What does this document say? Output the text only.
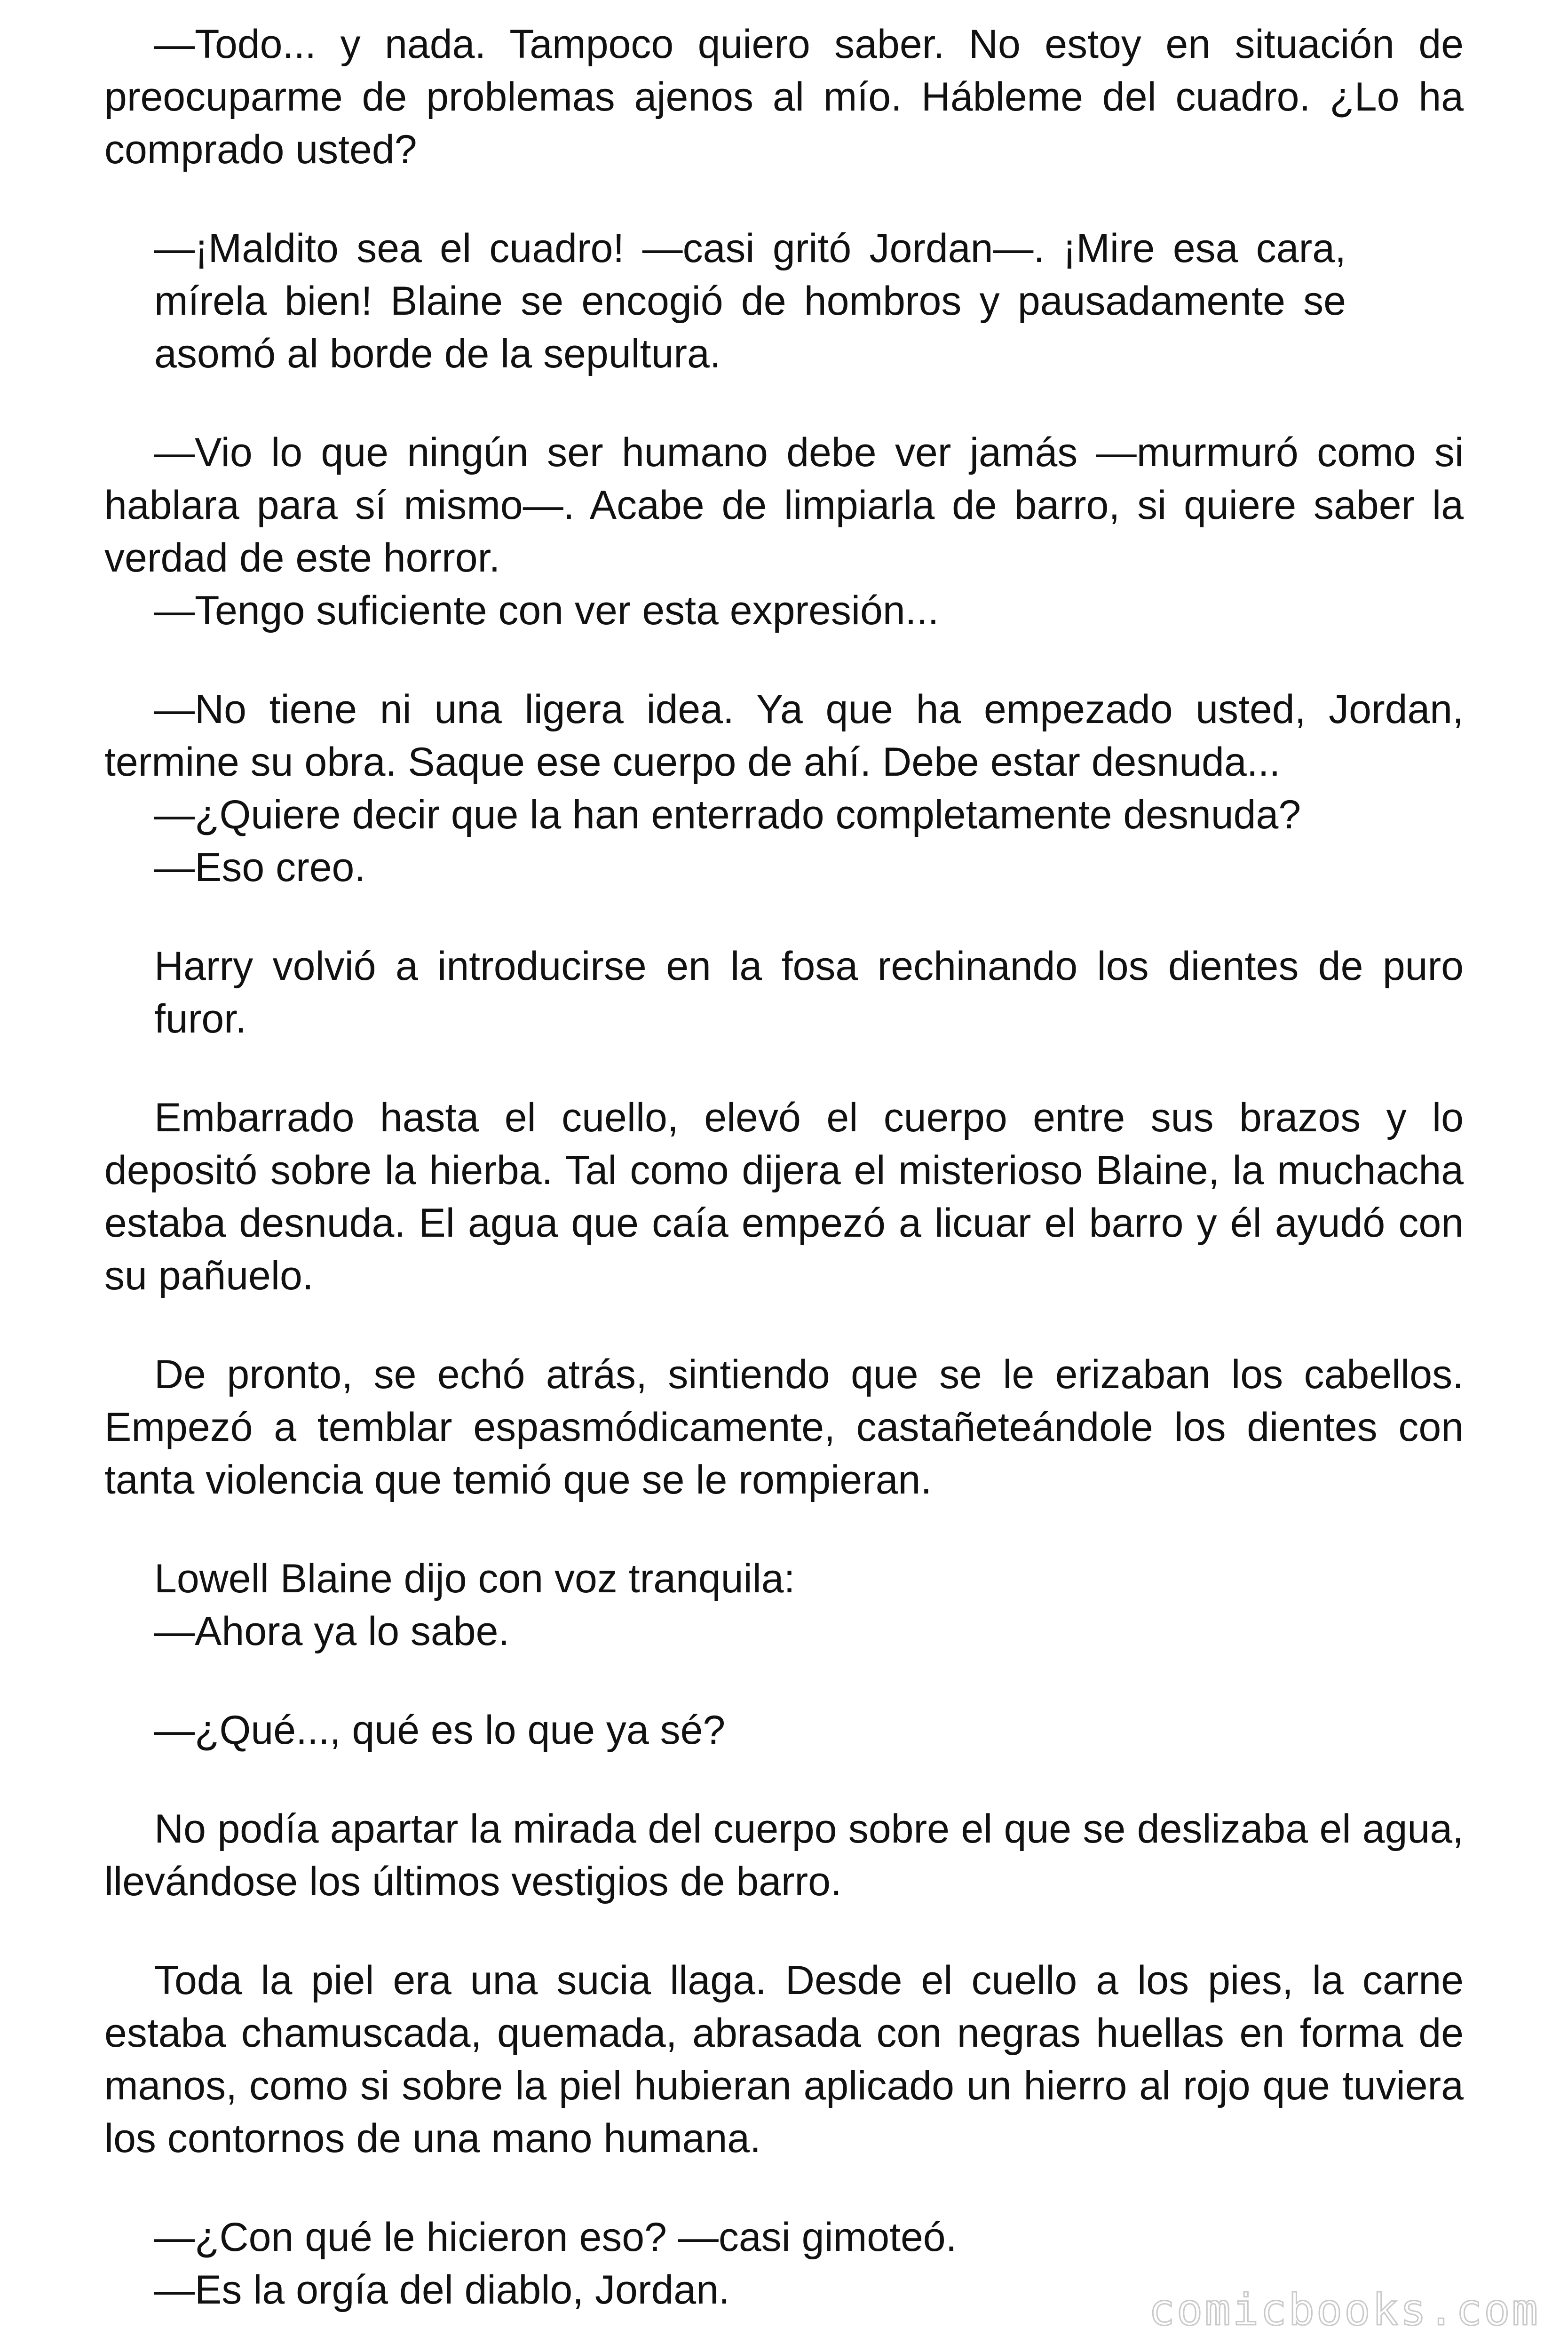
—Todo... y nada. Tampoco quiero saber. No estoy en situación de preocuparme de problemas ajenos al mío. Hábleme del cuadro. ¿Lo ha comprado usted?

—¡Maldito sea el cuadro! —casi gritó Jordan—. ¡Mire esa cara, mírela bien! Blaine se encogió de hombros y pausadamente se asomó al borde de la sepultura.

—Vio lo que ningún ser humano debe ver jamás —murmuró como si hablara para sí mismo—. Acabe de limpiarla de barro, si quiere saber la verdad de este horror.

—Tengo suficiente con ver esta expresión...

—No tiene ni una ligera idea. Ya que ha empezado usted, Jordan, termine su obra. Saque ese cuerpo de ahí. Debe estar desnuda...

—¿Quiere decir que la han enterrado completamente desnuda?

—Eso creo.

Harry volvió a introducirse en la fosa rechinando los dientes de puro furor.

Embarrado hasta el cuello, elevó el cuerpo entre sus brazos y lo depositó sobre la hierba. Tal como dijera el misterioso Blaine, la muchacha estaba desnuda. El agua que caía empezó a licuar el barro y él ayudó con su pañuelo.

De pronto, se echó atrás, sintiendo que se le erizaban los cabellos. Empezó a temblar espasmódicamente, castañeteándole los dientes con tanta violencia que temió que se le rompieran.

Lowell Blaine dijo con voz tranquila:

—Ahora ya lo sabe.

—¿Qué..., qué es lo que ya sé?

No podía apartar la mirada del cuerpo sobre el que se deslizaba el agua, llevándose los últimos vestigios de barro.

Toda la piel era una sucia llaga. Desde el cuello a los pies, la carne estaba chamuscada, quemada, abrasada con negras huellas en forma de manos, como si sobre la piel hubieran aplicado un hierro al rojo que tuviera los contornos de una mano humana.

—¿Con qué le hicieron eso? —casi gimoteó.

—Es la orgía del diablo, Jordan.	comicbooks.com
